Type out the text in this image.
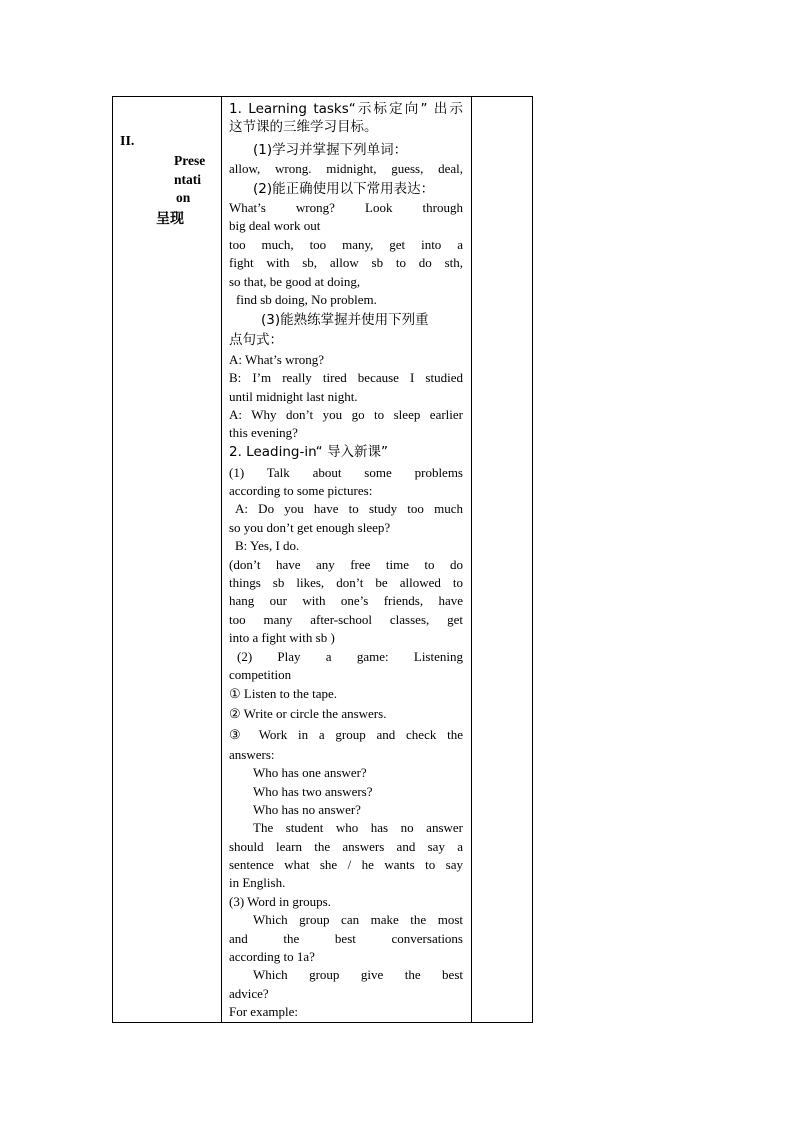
II.
Prese
ntati
on
呈现
1. Learning tasks“示标定向” 出示
这节课的三维学习目标。
(1)学习并掌握下列单词：
allow, wrong. midnight, guess, deal,
(2)能正确使用以下常用表达：
What’s wrong? Look through
big deal work out
too much, too many, get into a
fight with sb, allow sb to do sth,
so that, be good at doing,
find sb doing, No problem.
(3)能熟练掌握并使用下列重
点句式：
A: What’s wrong?
B: I’m really tired because I studied
until midnight last night.
A: Why don’t you go to sleep earlier
this evening?
2. Leading-in“ 导入新课”
(1) Talk about some problems
according to some pictures:
A: Do you have to study too much
so you don’t get enough sleep?
B: Yes, I do.
(don’t have any free time to do
things sb likes, don’t be allowed to
hang our with one’s friends, have
too many after-school classes, get
into a fight with sb )
(2) Play a game: Listening
competition
① Listen to the tape.
② Write or circle the answers.
③ Work in a group and check the
answers:
Who has one answer?
Who has two answers?
Who has no answer?
The student who has no answer
should learn the answers and say a
sentence what she / he wants to say
in English.
(3) Word in groups.
Which group can make the most
and the best conversations
according to 1a?
Which group give the best
advice?
For example:
